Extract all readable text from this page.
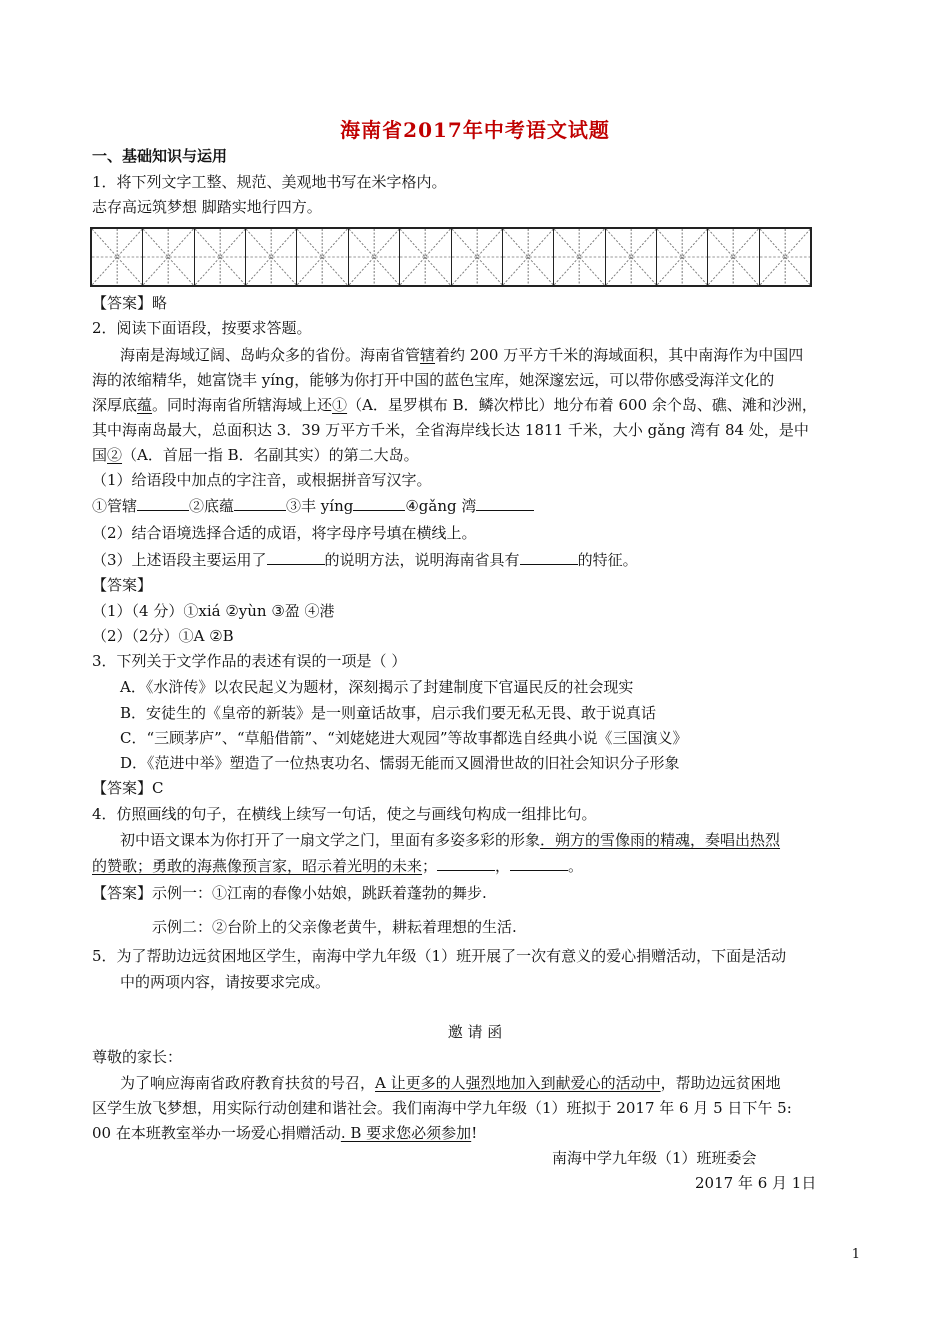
海南省2017年中考语文试题
一、基础知识与运用
1．将下列文字工整、规范、美观地书写在米字格内。
志存高远筑梦想 脚踏实地行四方。
【答案】略
2．阅读下面语段，按要求答题。
海南是海域辽阔、岛屿众多的省份。海南省管辖着约 200 万平方千米的海域面积，其中南海作为中国四
海的浓缩精华，她富饶丰 yíng，能够为你打开中国的蓝色宝库，她深邃宏远，可以带你感受海洋文化的
深厚底蕴。同时海南省所辖海域上还①（A．星罗棋布 B．鳞次栉比）地分布着 600 余个岛、礁、滩和沙洲，
其中海南岛最大，总面积达 3．39 万平方千米，全省海岸线长达 1811 千米，大小 gǎng 湾有 84 处，是中
国②（A．首屈一指 B．名副其实）的第二大岛。
（1）给语段中加点的字注音，或根据拼音写汉字。
①管辖	②底蕴	③丰 yíng	④gǎng 湾
（2）结合语境选择合适的成语，将字母序号填在横线上。
（3）上述语段主要运用了	的说明方法，说明海南省具有	的特征。
【答案】
（1）（4 分）①xiá ②yùn ③盈 ④港
（2）（2分）①A ②B
3．下列关于文学作品的表述有误的一项是（ ）
A．《水浒传》以农民起义为题材，深刻揭示了封建制度下官逼民反的社会现实
B．安徒生的《皇帝的新装》是一则童话故事，启示我们要无私无畏、敢于说真话
C．“三顾茅庐”、“草船借箭”、“刘姥姥进大观园”等故事都选自经典小说《三国演义》
D．《范进中举》塑造了一位热衷功名、懦弱无能而又圆滑世故的旧社会知识分子形象
【答案】C
4．仿照画线的句子，在横线上续写一句话，使之与画线句构成一组排比句。
初中语文课本为你打开了一扇文学之门，里面有多姿多彩的形象．朔方的雪像雨的精魂，奏唱出热烈
的赞歌；勇敢的海燕像预言家，昭示着光明的未来；	，	。
【答案】示例一：①江南的春像小姑娘，跳跃着蓬勃的舞步.
示例二：②台阶上的父亲像老黄牛，耕耘着理想的生活.
5．为了帮助边远贫困地区学生，南海中学九年级（1）班开展了一次有意义的爱心捐赠活动，下面是活动
中的两项内容，请按要求完成。
邀 请 函
尊敬的家长：
为了响应海南省政府教育扶贫的号召，A 让更多的人强烈地加入到献爱心的活动中，帮助边远贫困地
区学生放飞梦想，用实际行动创建和谐社会。我们南海中学九年级（1）班拟于 2017 年 6 月 5 日下午 5:
00 在本班教室举办一场爱心捐赠活动. B 要求您必须参加!
南海中学九年级（1）班班委会
2017 年 6 月 1日
1
